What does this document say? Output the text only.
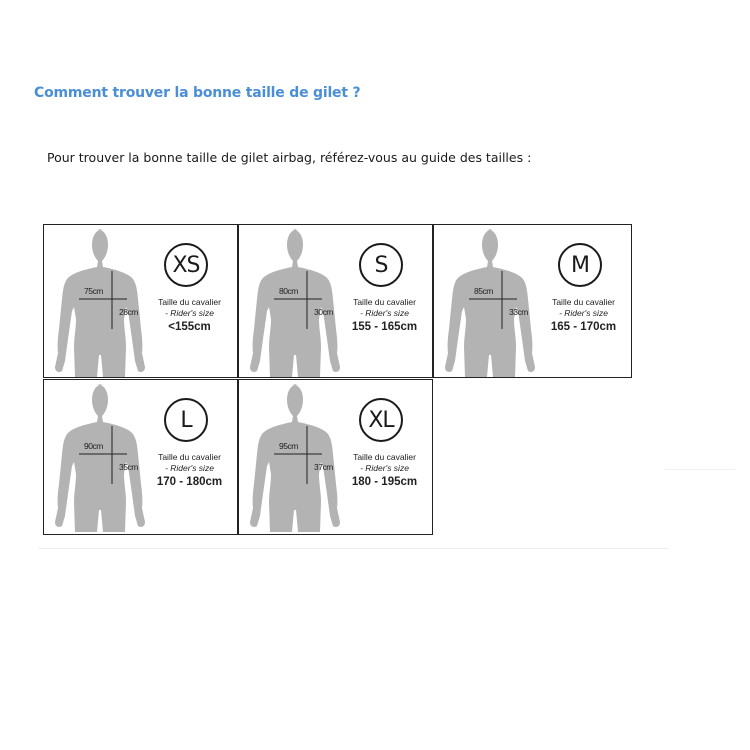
Comment trouver la bonne taille de gilet ?
Pour trouver la bonne taille de gilet airbag, référez-vous au guide des tailles :
75cm
28cm
XS
Taille du cavalier
- Rider's size
<155cm
80cm
30cm
S
Taille du cavalier
- Rider's size
155 - 165cm
85cm
33cm
M
Taille du cavalier
- Rider's size
165 - 170cm
90cm
35cm
L
Taille du cavalier
- Rider's size
170 - 180cm
95cm
37cm
XL
Taille du cavalier
- Rider's size
180 - 195cm
